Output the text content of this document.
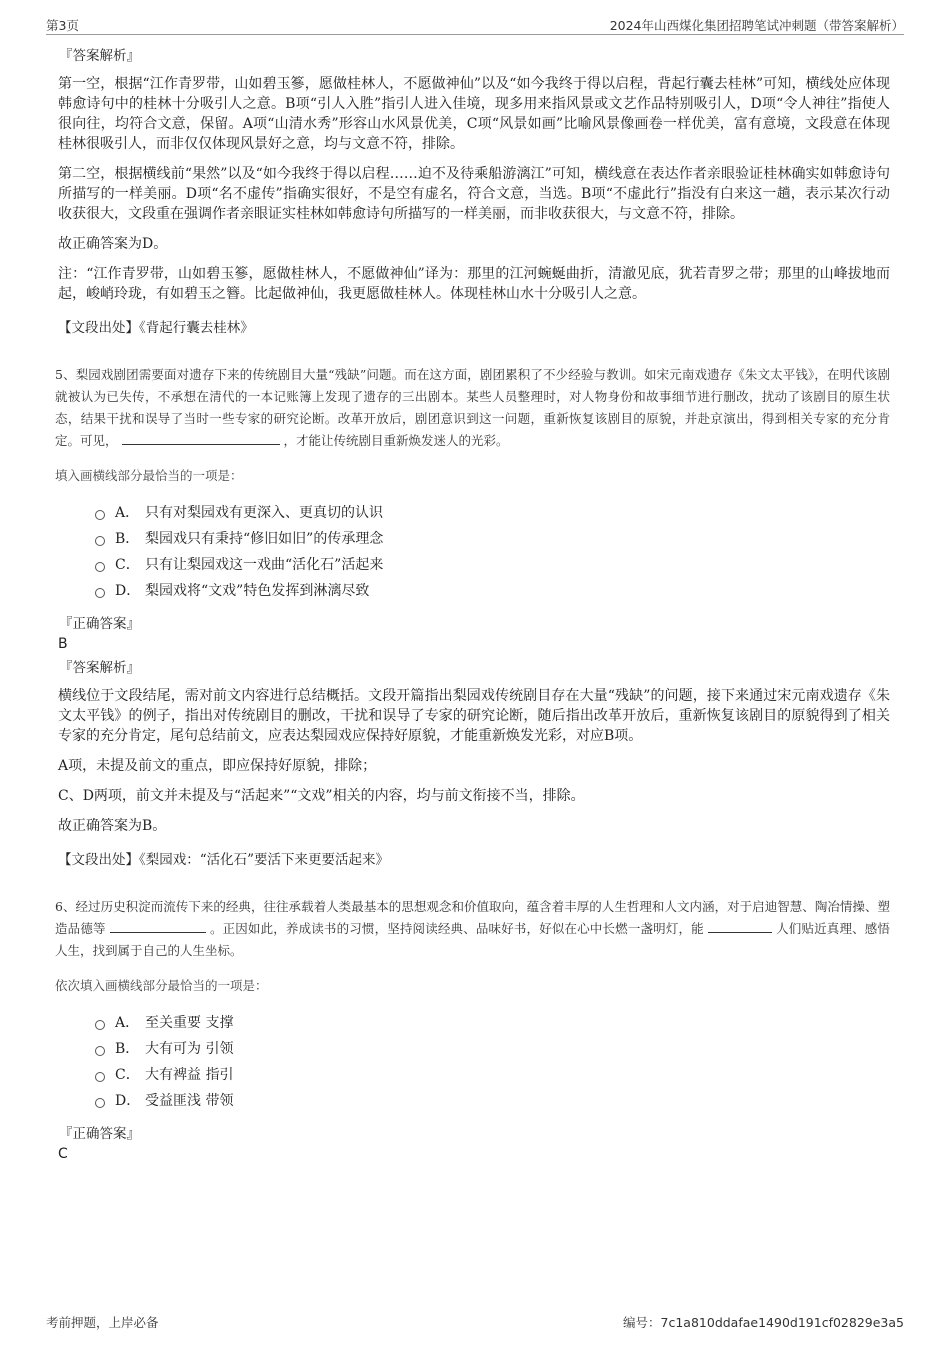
第3页	2024年山西煤化集团招聘笔试冲刺题（带答案解析）
『答案解析』
第一空，根据“江作青罗带，山如碧玉篸，愿做桂林人，不愿做神仙”以及“如今我终于得以启程，背起行囊去桂林”可知，横线处应体现韩愈诗句中的桂林十分吸引人之意。B项“引人入胜”指引人进入佳境，现多用来指风景或文艺作品特别吸引人，D项“令人神往”指使人很向往，均符合文意，保留。A项“山清水秀”形容山水风景优美，C项“风景如画”比喻风景像画卷一样优美，富有意境，文段意在体现桂林很吸引人，而非仅仅体现风景好之意，均与文意不符，排除。
第二空，根据横线前“果然”以及“如今我终于得以启程……迫不及待乘船游漓江”可知，横线意在表达作者亲眼验证桂林确实如韩愈诗句所描写的一样美丽。D项“名不虚传”指确实很好，不是空有虚名，符合文意，当选。B项“不虚此行”指没有白来这一趟，表示某次行动收获很大，文段重在强调作者亲眼证实桂林如韩愈诗句所描写的一样美丽，而非收获很大，与文意不符，排除。
故正确答案为D。
注：“江作青罗带，山如碧玉篸，愿做桂林人，不愿做神仙”译为：那里的江河蜿蜒曲折，清澈见底，犹若青罗之带；那里的山峰拔地而起，峻峭玲珑，有如碧玉之簪。比起做神仙，我更愿做桂林人。体现桂林山水十分吸引人之意。
【文段出处】《背起行囊去桂林》
5、梨园戏剧团需要面对遗存下来的传统剧目大量“残缺”问题。而在这方面，剧团累积了不少经验与教训。如宋元南戏遗存《朱文太平钱》，在明代该剧就被认为已失传，不承想在清代的一本记账簿上发现了遗存的三出剧本。某些人员整理时，对人物身份和故事细节进行删改，扰动了该剧目的原生状态，结果干扰和误导了当时一些专家的研究论断。改革开放后，剧团意识到这一问题，重新恢复该剧目的原貌，并赴京演出，得到相关专家的充分肯定。可见，	，才能让传统剧目重新焕发迷人的光彩。
填入画横线部分最恰当的一项是：
A． 只有对梨园戏有更深入、更真切的认识
B． 梨园戏只有秉持“修旧如旧”的传承理念
C． 只有让梨园戏这一戏曲“活化石”活起来
D． 梨园戏将“文戏”特色发挥到淋漓尽致
『正确答案』
B
『答案解析』
横线位于文段结尾，需对前文内容进行总结概括。文段开篇指出梨园戏传统剧目存在大量“残缺”的问题，接下来通过宋元南戏遗存《朱文太平钱》的例子，指出对传统剧目的删改，干扰和误导了专家的研究论断，随后指出改革开放后，重新恢复该剧目的原貌得到了相关专家的充分肯定，尾句总结前文，应表达梨园戏应保持好原貌，才能重新焕发光彩，对应B项。
A项，未提及前文的重点，即应保持好原貌，排除；
C、D两项，前文并未提及与“活起来”“文戏”相关的内容，均与前文衔接不当，排除。
故正确答案为B。
【文段出处】《梨园戏：“活化石”要活下来更要活起来》
6、经过历史积淀而流传下来的经典，往往承载着人类最基本的思想观念和价值取向，蕴含着丰厚的人生哲理和人文内涵，对于启迪智慧、陶冶情操、塑造品德等	。正因如此，养成读书的习惯，坚持阅读经典、品味好书，好似在心中长燃一盏明灯，能	人们贴近真理、感悟人生，找到属于自己的人生坐标。
依次填入画横线部分最恰当的一项是：
A． 至关重要 支撑
B． 大有可为 引领
C． 大有裨益 指引
D． 受益匪浅 带领
『正确答案』
C
考前押题，上岸必备	编号：7c1a810ddafae1490d191cf02829e3a5
